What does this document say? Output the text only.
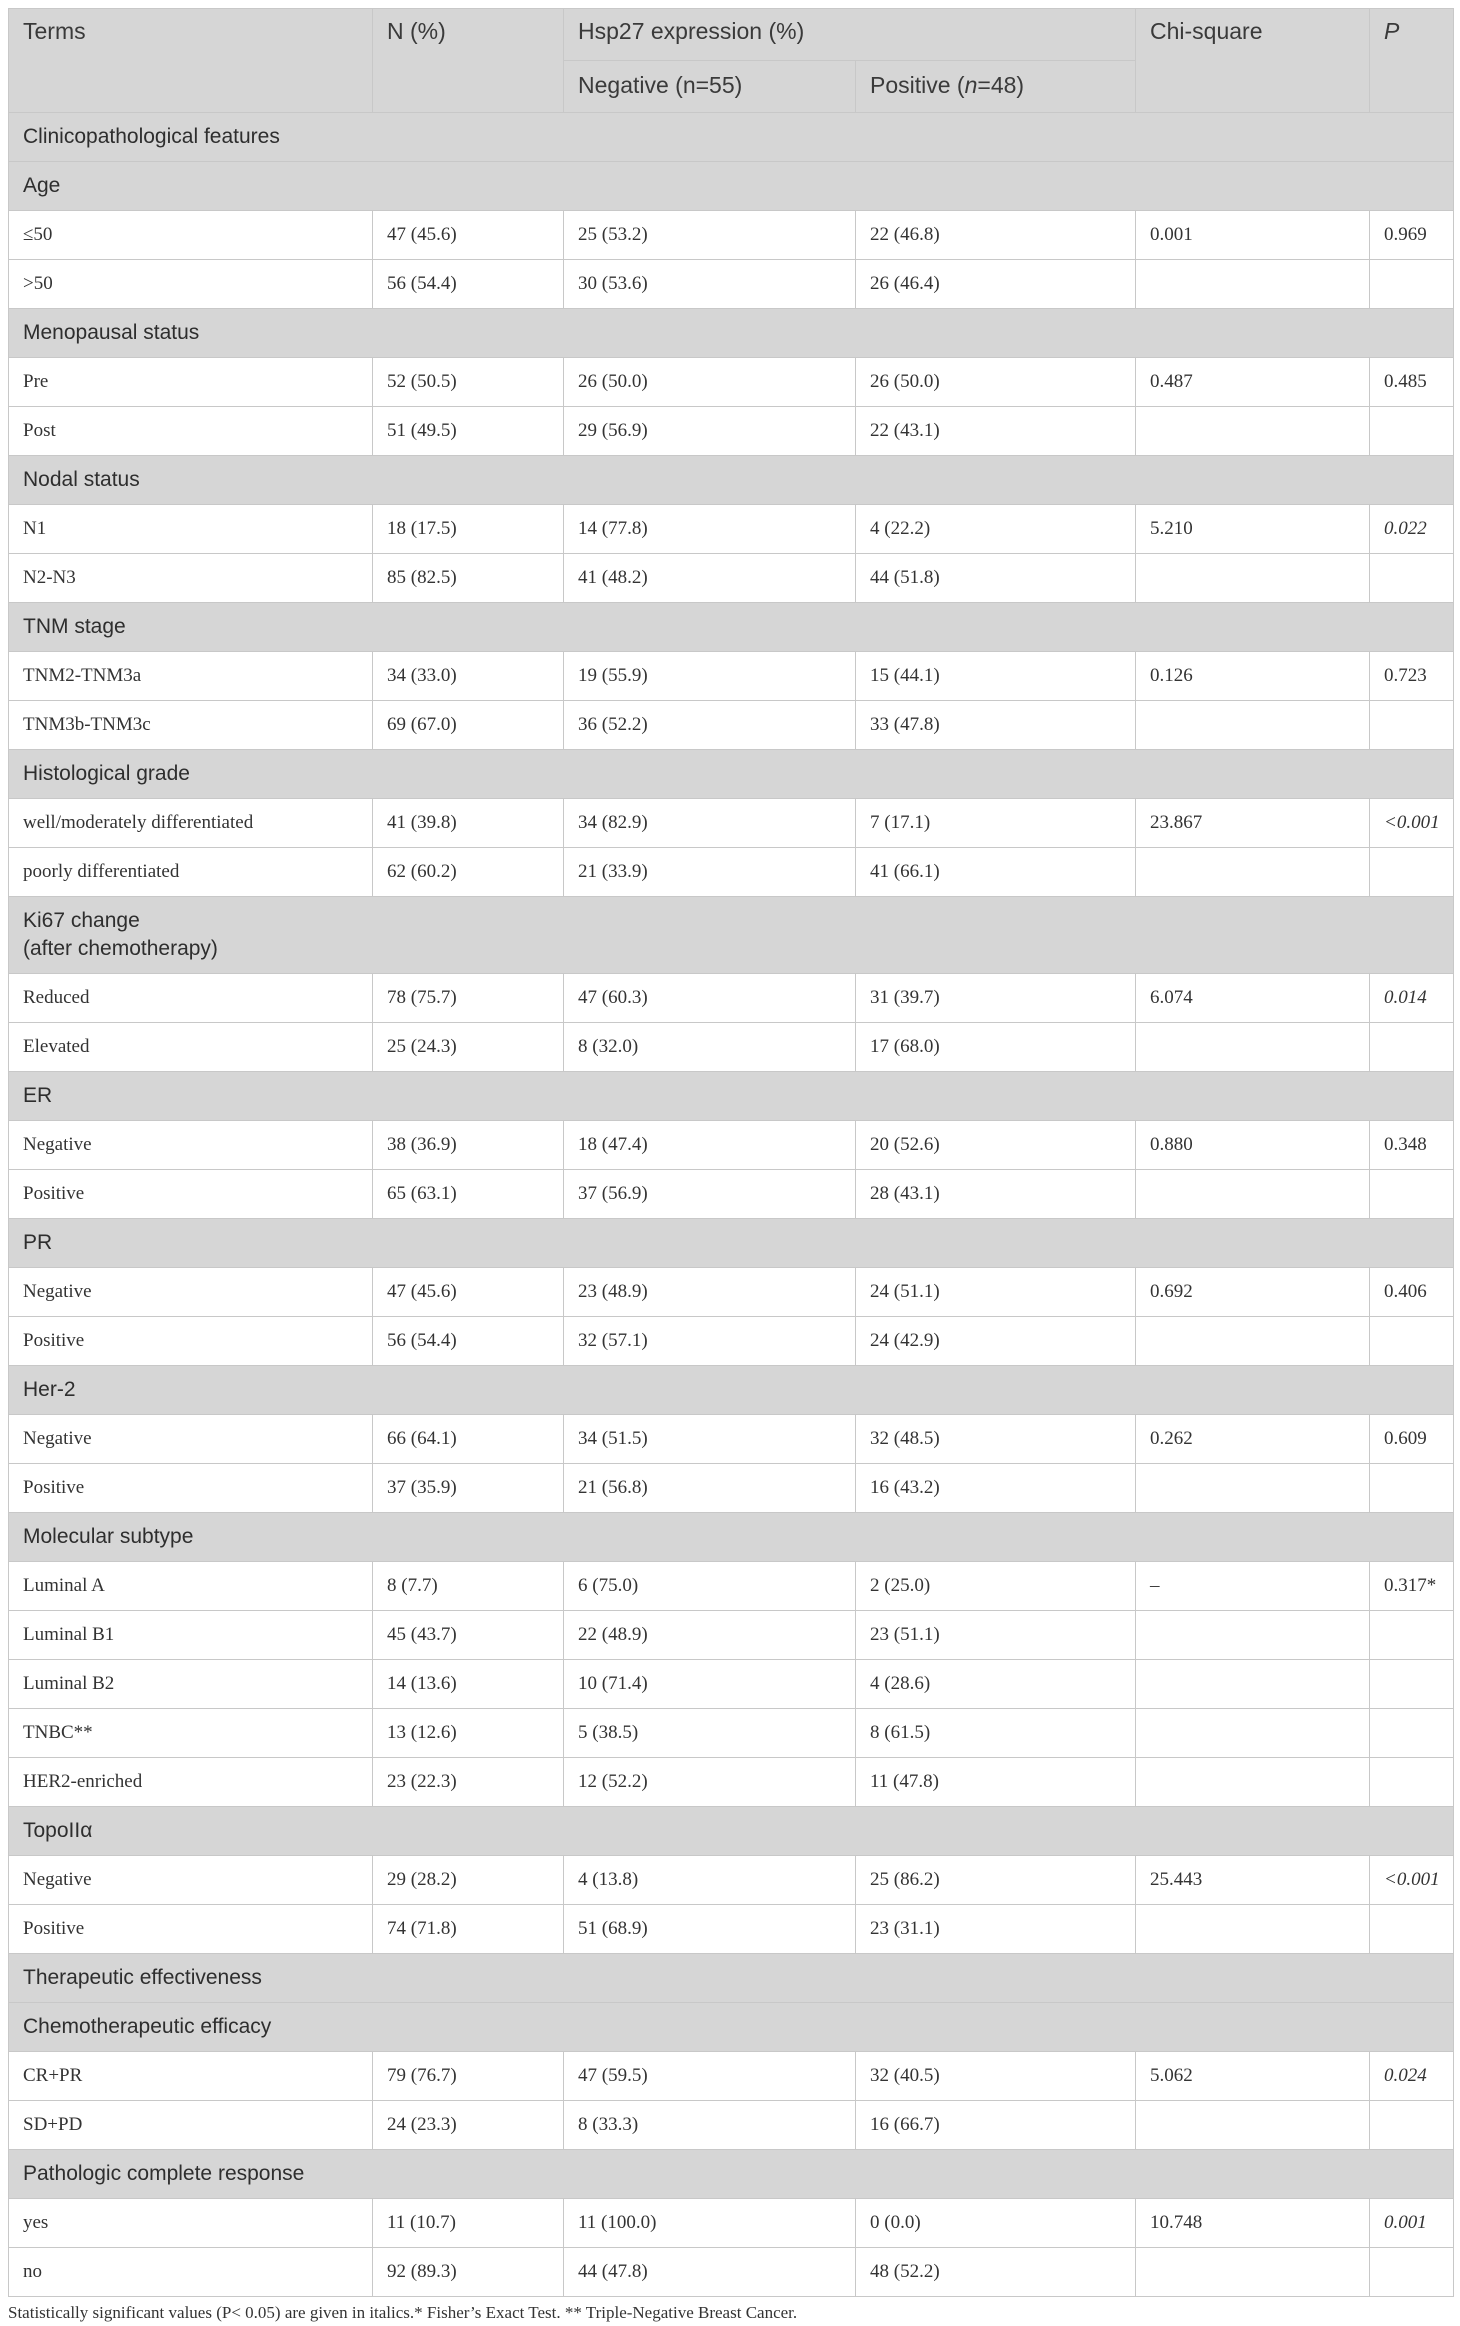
Terms	N (%)	Hsp27 expression (%)		Chi-square	P
		Negative (n=55)	Positive (n=48)		
Clinicopathological features					
Age					
≤50	47 (45.6)	25 (53.2)	22 (46.8)	0.001	0.969
>50	56 (54.4)	30 (53.6)	26 (46.4)		
Menopausal status					
Pre	52 (50.5)	26 (50.0)	26 (50.0)	0.487	0.485
Post	51 (49.5)	29 (56.9)	22 (43.1)		
Nodal status					
N1	18 (17.5)	14 (77.8)	4 (22.2)	5.210	0.022
N2-N3	85 (82.5)	41 (48.2)	44 (51.8)		
TNM stage					
TNM2-TNM3a	34 (33.0)	19 (55.9)	15 (44.1)	0.126	0.723
TNM3b-TNM3c	69 (67.0)	36 (52.2)	33 (47.8)		
Histological grade					
well/moderately differentiated	41 (39.8)	34 (82.9)	7 (17.1)	23.867	<0.001
poorly differentiated	62 (60.2)	21 (33.9)	41 (66.1)		
Ki67 change
(after chemotherapy)					
Reduced	78 (75.7)	47 (60.3)	31 (39.7)	6.074	0.014
Elevated	25 (24.3)	8 (32.0)	17 (68.0)		
ER					
Negative	38 (36.9)	18 (47.4)	20 (52.6)	0.880	0.348
Positive	65 (63.1)	37 (56.9)	28 (43.1)		
PR					
Negative	47 (45.6)	23 (48.9)	24 (51.1)	0.692	0.406
Positive	56 (54.4)	32 (57.1)	24 (42.9)		
Her-2					
Negative	66 (64.1)	34 (51.5)	32 (48.5)	0.262	0.609
Positive	37 (35.9)	21 (56.8)	16 (43.2)		
Molecular subtype					
Luminal A	8 (7.7)	6 (75.0)	2 (25.0)	–	0.317*
Luminal B1	45 (43.7)	22 (48.9)	23 (51.1)		
Luminal B2	14 (13.6)	10 (71.4)	4 (28.6)		
TNBC**	13 (12.6)	5 (38.5)	8 (61.5)		
HER2-enriched	23 (22.3)	12 (52.2)	11 (47.8)		
TopoIIα					
Negative	29 (28.2)	4 (13.8)	25 (86.2)	25.443	<0.001
Positive	74 (71.8)	51 (68.9)	23 (31.1)		
Therapeutic effectiveness					
Chemotherapeutic efficacy					
CR+PR	79 (76.7)	47 (59.5)	32 (40.5)	5.062	0.024
SD+PD	24 (23.3)	8 (33.3)	16 (66.7)		
Pathologic complete response					
yes	11 (10.7)	11 (100.0)	0 (0.0)	10.748	0.001
no	92 (89.3)	44 (47.8)	48 (52.2)		
Statistically significant values (P< 0.05) are given in italics.* Fisher’s Exact Test. ** Triple-Negative Breast Cancer.
